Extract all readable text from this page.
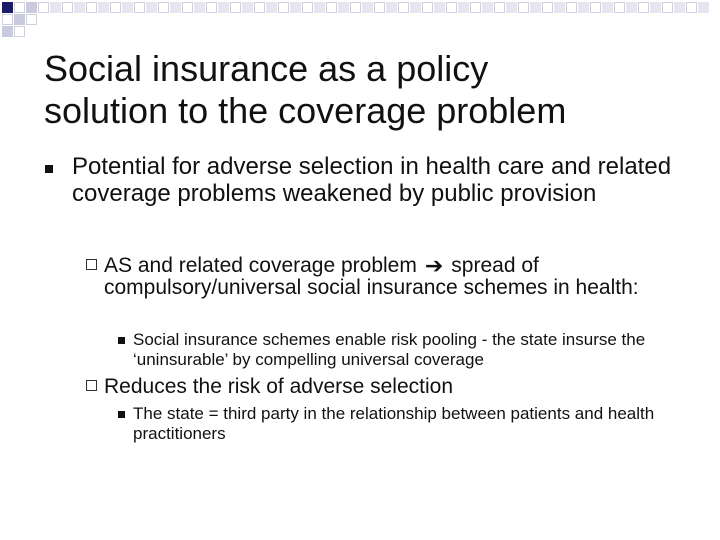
Social insurance as a policy
solution to the coverage problem
Potential for adverse selection in health care and related coverage problems weakened by public provision
AS and related coverage problem ➔ spread of compulsory/universal social insurance schemes in health:
Social insurance schemes enable risk pooling - the state insurse the ‘uninsurable’ by compelling universal coverage
Reduces the risk of adverse selection
The state = third party in the relationship between patients and health practitioners
